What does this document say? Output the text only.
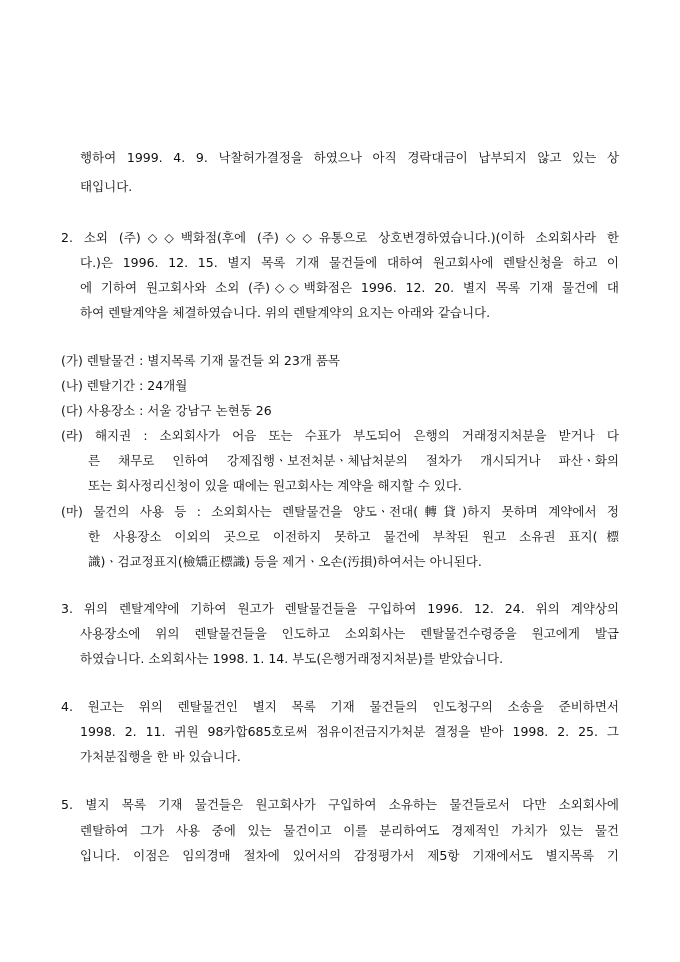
행하여 1999. 4. 9. 낙찰허가결정을 하였으나 아직 경락대금이 납부되지 않고 있는 상
태입니다.
2. 소외 (주)◇◇백화점(후에 (주)◇◇유통으로 상호변경하였습니다.)(이하 소외회사라 한
다.)은 1996. 12. 15. 별지 목록 기재 물건들에 대하여 원고회사에 렌탈신청을 하고 이
에 기하여 원고회사와 소외 (주)◇◇백화점은 1996. 12. 20. 별지 목록 기재 물건에 대
하여 렌탈계약을 체결하였습니다. 위의 렌탈계약의 요지는 아래와 같습니다.
(가) 렌탈물건 : 별지목록 기재 물건들 외 23개 품목
(나) 렌탈기간 : 24개월
(다) 사용장소 : 서울 강남구 논현동 26
(라) 해지권 : 소외회사가 어음 또는 수표가 부도되어 은행의 거래정지처분을 받거나 다
른 채무로 인하여 강제집행ㆍ보전처분ㆍ체납처분의 절차가 개시되거나 파산ㆍ화의
또는 회사정리신청이 있을 때에는 원고회사는 계약을 해지할 수 있다.
(마) 물건의 사용 등 : 소외회사는 렌탈물건을 양도ㆍ전대(轉貸)하지 못하며 계약에서 정
한 사용장소 이외의 곳으로 이전하지 못하고 물건에 부착된 원고 소유권 표지(標
識)ㆍ검교정표지(檢矯正標識) 등을 제거ㆍ오손(汚損)하여서는 아니된다.
3. 위의 렌탈계약에 기하여 원고가 렌탈물건들을 구입하여 1996. 12. 24. 위의 계약상의
사용장소에 위의 렌탈물건들을 인도하고 소외회사는 렌탈물건수령증을 원고에게 발급
하였습니다. 소외회사는 1998. 1. 14. 부도(은행거래정지처분)를 받았습니다.
4. 원고는 위의 렌탈물건인 별지 목록 기재 물건들의 인도청구의 소송을 준비하면서
1998. 2. 11. 귀원 98카합685호로써 점유이전금지가처분 결정을 받아 1998. 2. 25. 그
가처분집행을 한 바 있습니다.
5. 별지 목록 기재 물건들은 원고회사가 구입하여 소유하는 물건들로서 다만 소외회사에
렌탈하여 그가 사용 중에 있는 물건이고 이를 분리하여도 경제적인 가치가 있는 물건
입니다. 이점은 임의경매 절차에 있어서의 감정평가서 제5항 기재에서도 별지목록 기
